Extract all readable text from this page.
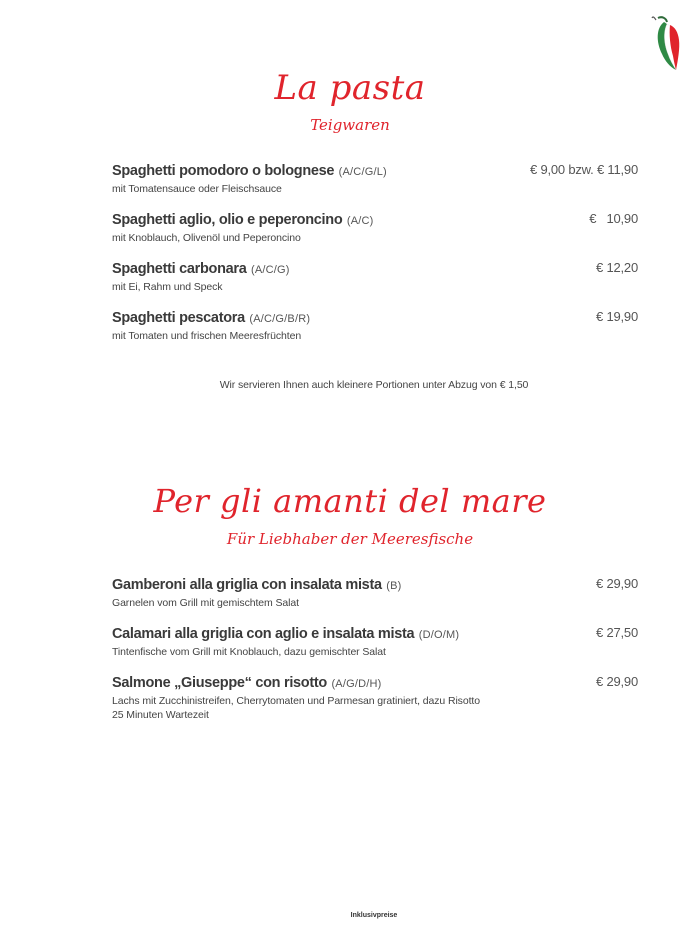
La pasta
Teigwaren
Spaghetti pomodoro o bolognese (A/C/G/L)	€ 9,00 bzw. € 11,90
mit Tomatensauce oder Fleischsauce
Spaghetti aglio, olio e peperoncino (A/C)	€   10,90
mit Knoblauch, Olivenöl und Peperoncino
Spaghetti carbonara (A/C/G)	€ 12,20
mit Ei, Rahm und Speck
Spaghetti pescatora (A/C/G/B/R)	€ 19,90
mit Tomaten und frischen Meeresfrüchten
Wir servieren Ihnen auch kleinere Portionen unter Abzug von € 1,50
Per gli amanti del mare
Für Liebhaber der Meeresfische
Gamberoni alla griglia con insalata mista (B)	€ 29,90
Garnelen vom Grill mit gemischtem Salat
Calamari alla griglia con aglio e insalata mista (D/O/M)	€ 27,50
Tintenfische vom Grill mit Knoblauch, dazu gemischter Salat
Salmone „Giuseppe“ con risotto (A/G/D/H)	€ 29,90
Lachs mit Zucchinistreifen, Cherrytomaten und Parmesan gratiniert, dazu Risotto
25 Minuten Wartezeit
Inklusivpreise
